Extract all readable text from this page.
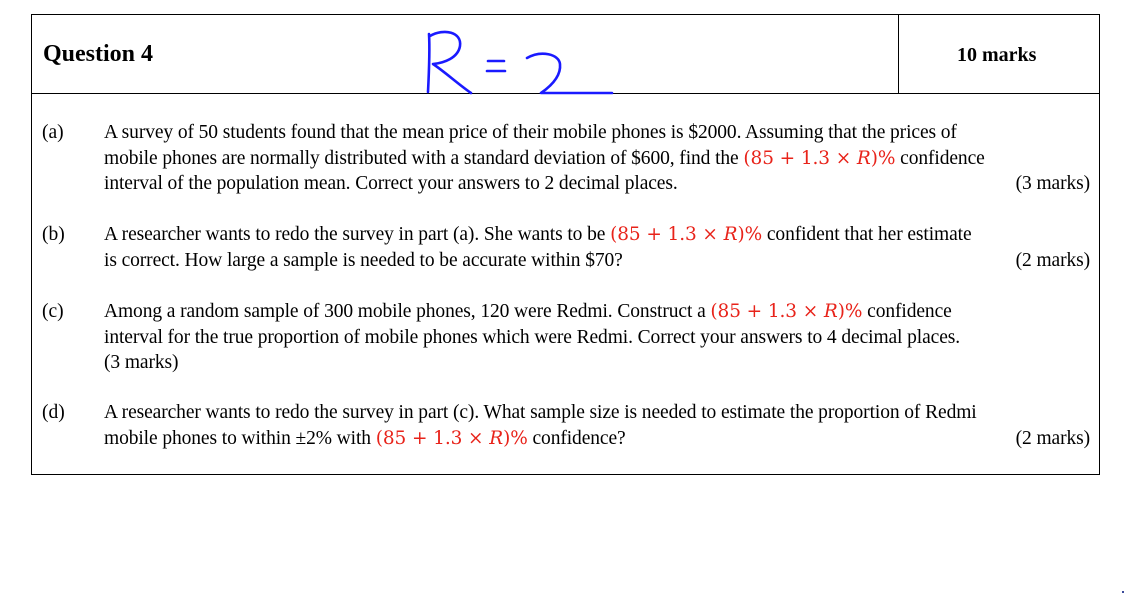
Question 4	10 marks
(a) A survey of 50 students found that the mean price of their mobile phones is $2000. Assuming that the prices of
mobile phones are normally distributed with a standard deviation of $600, find the (85 + 1.3 × R)% confidence
interval of the population mean. Correct your answers to 2 decimal places.	(3 marks)
(b) A researcher wants to redo the survey in part (a). She wants to be (85 + 1.3 × R)% confident that her estimate
is correct. How large a sample is needed to be accurate within $70?	(2 marks)
(c) Among a random sample of 300 mobile phones, 120 were Redmi. Construct a (85 + 1.3 × R)% confidence
interval for the true proportion of mobile phones which were Redmi. Correct your answers to 4 decimal places.
(3 marks)
(d) A researcher wants to redo the survey in part (c). What sample size is needed to estimate the proportion of Redmi
mobile phones to within ±2% with (85 + 1.3 × R)% confidence?	(2 marks)
